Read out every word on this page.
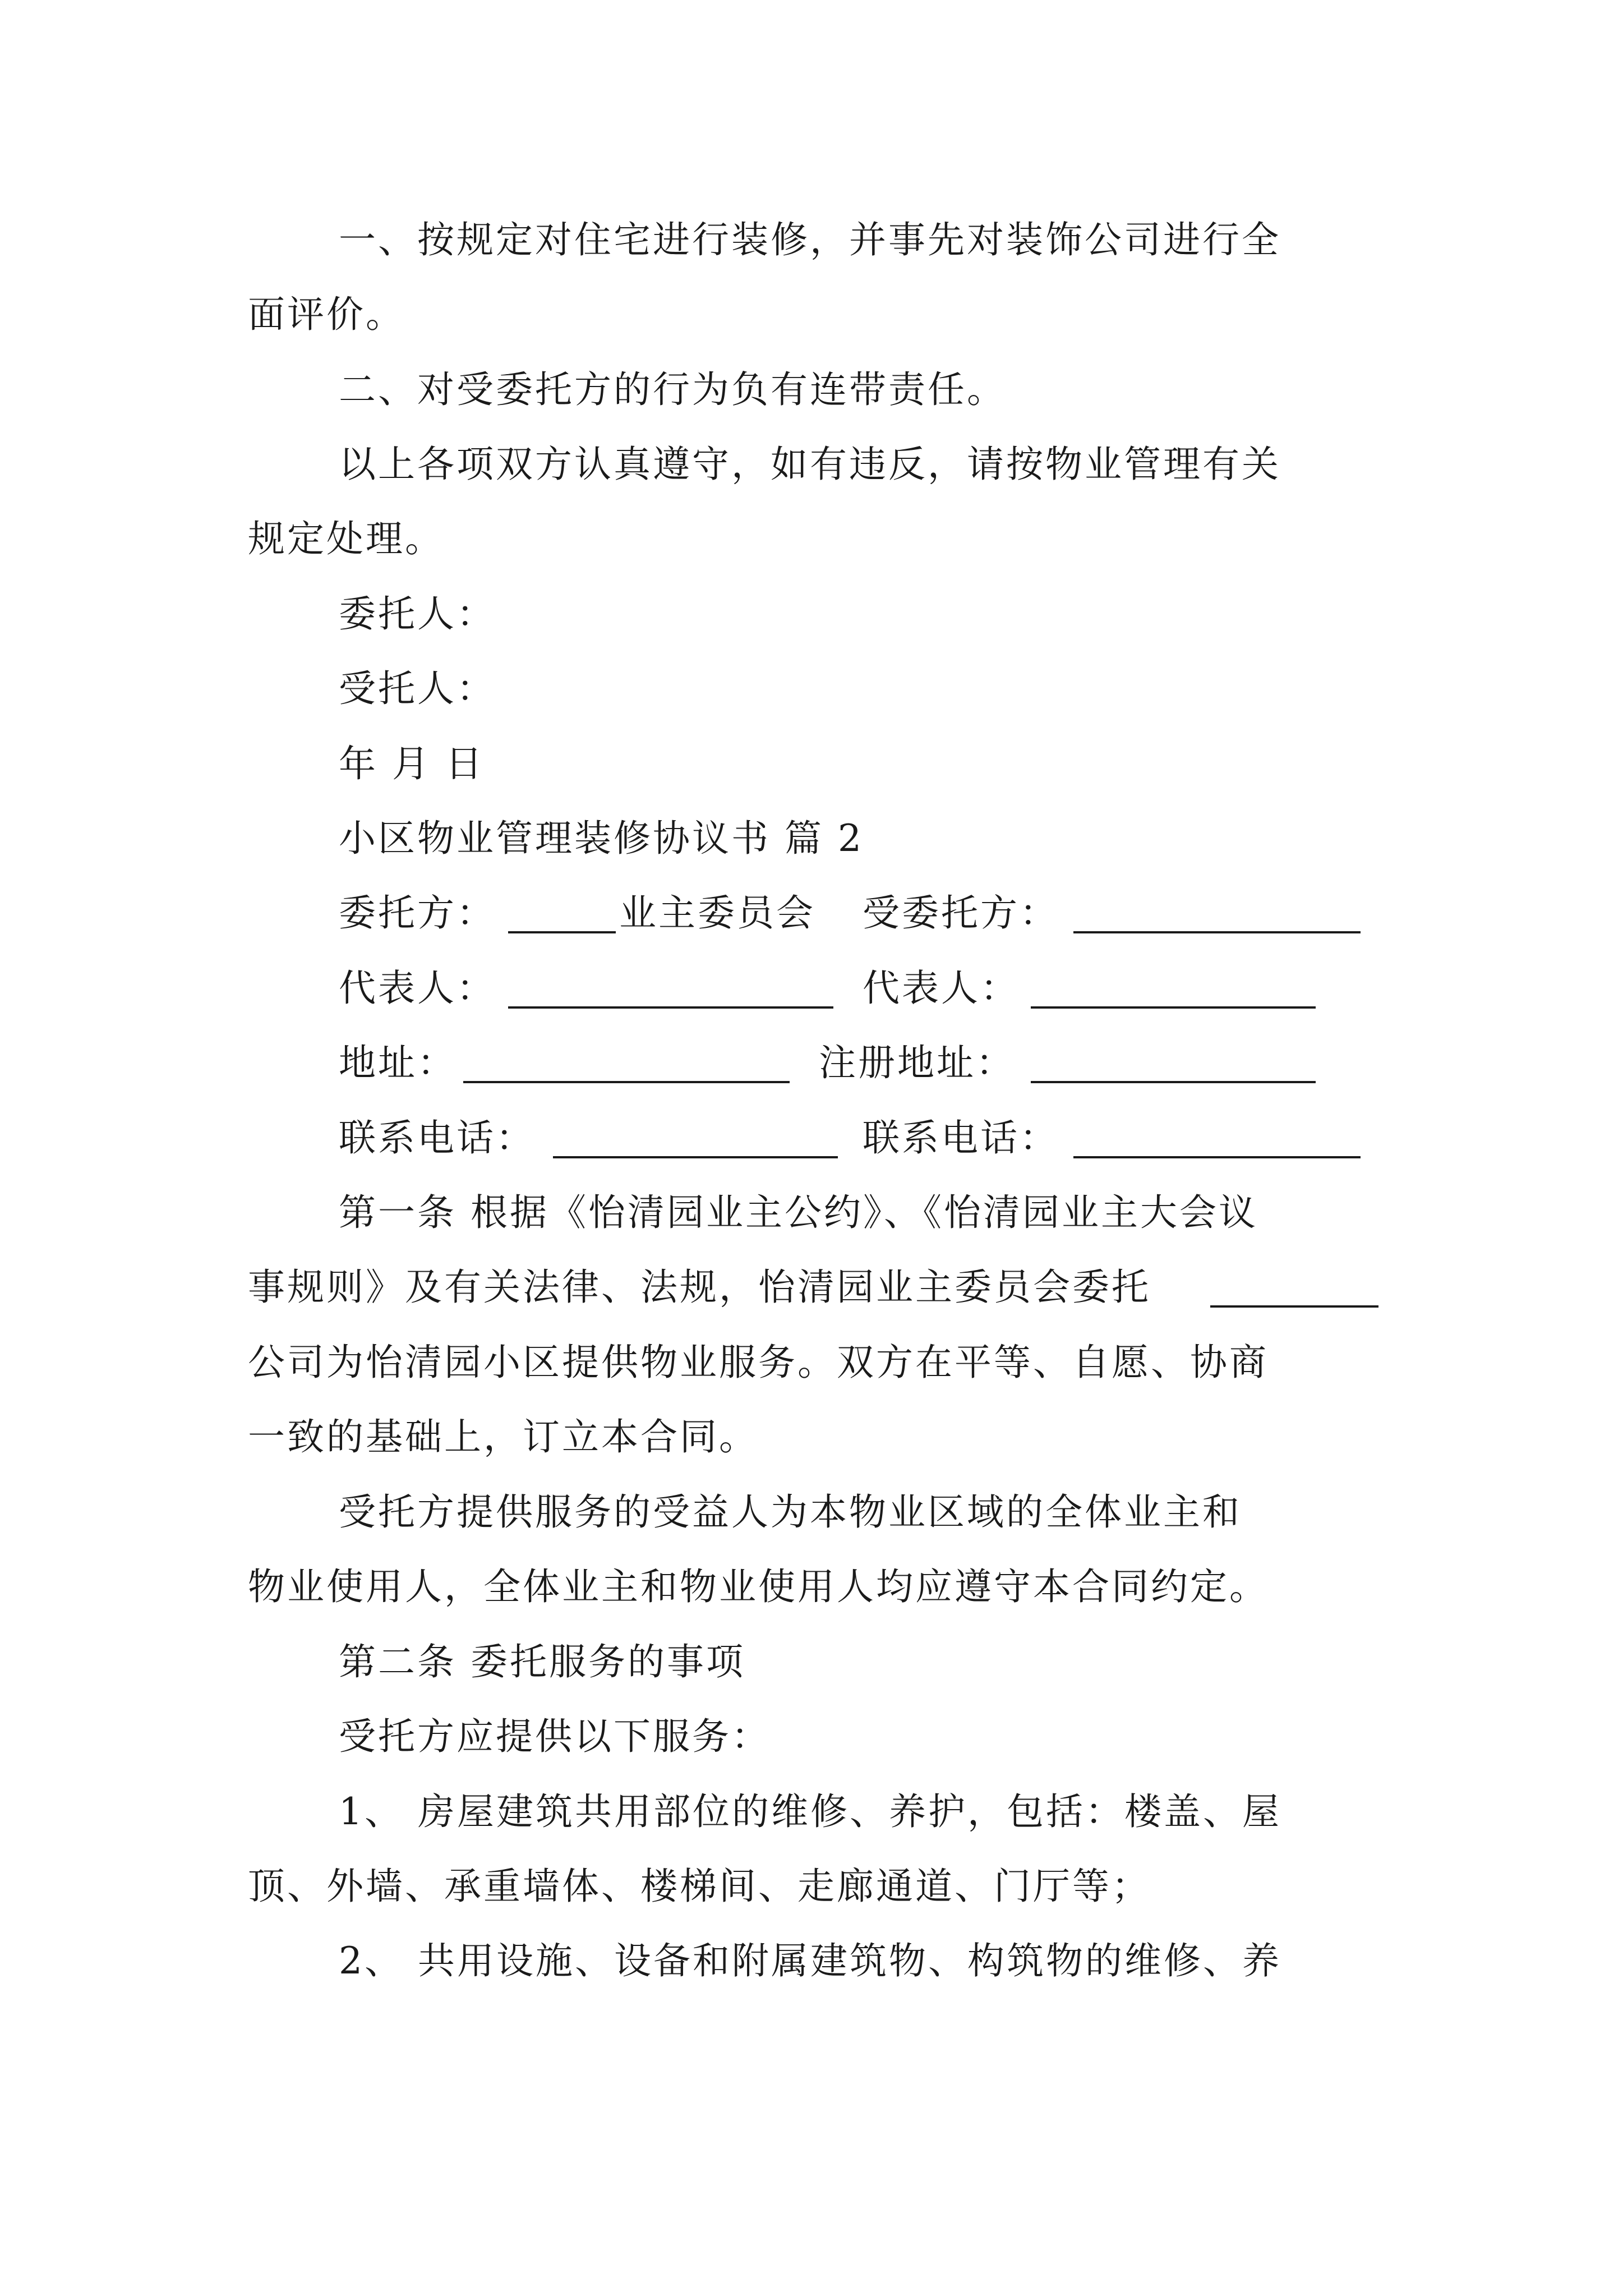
一、按规定对住宅进行装修，并事先对装饰公司进行全
面评价。
二、对受委托方的行为负有连带责任。
以上各项双方认真遵守，如有违反，请按物业管理有关
规定处理。
委托人：
受托人：
年 月 日
小区物业管理装修协议书 篇 2
委托方：	业主委员会 受委托方：
代表人：	代表人：
地址：	注册地址：
联系电话：	联系电话：
第一条 根据《怡清园业主公约》、《怡清园业主大会议
事规则》及有关法律、法规，怡清园业主委员会委托
公司为怡清园小区提供物业服务。双方在平等、自愿、协商
一致的基础上，订立本合同。
受托方提供服务的受益人为本物业区域的全体业主和
物业使用人，全体业主和物业使用人均应遵守本合同约定。
第二条 委托服务的事项
受托方应提供以下服务：
1、 房屋建筑共用部位的维修、养护，包括：楼盖、屋
顶、外墙、承重墙体、楼梯间、走廊通道、门厅等；
2、 共用设施、设备和附属建筑物、构筑物的维修、养
